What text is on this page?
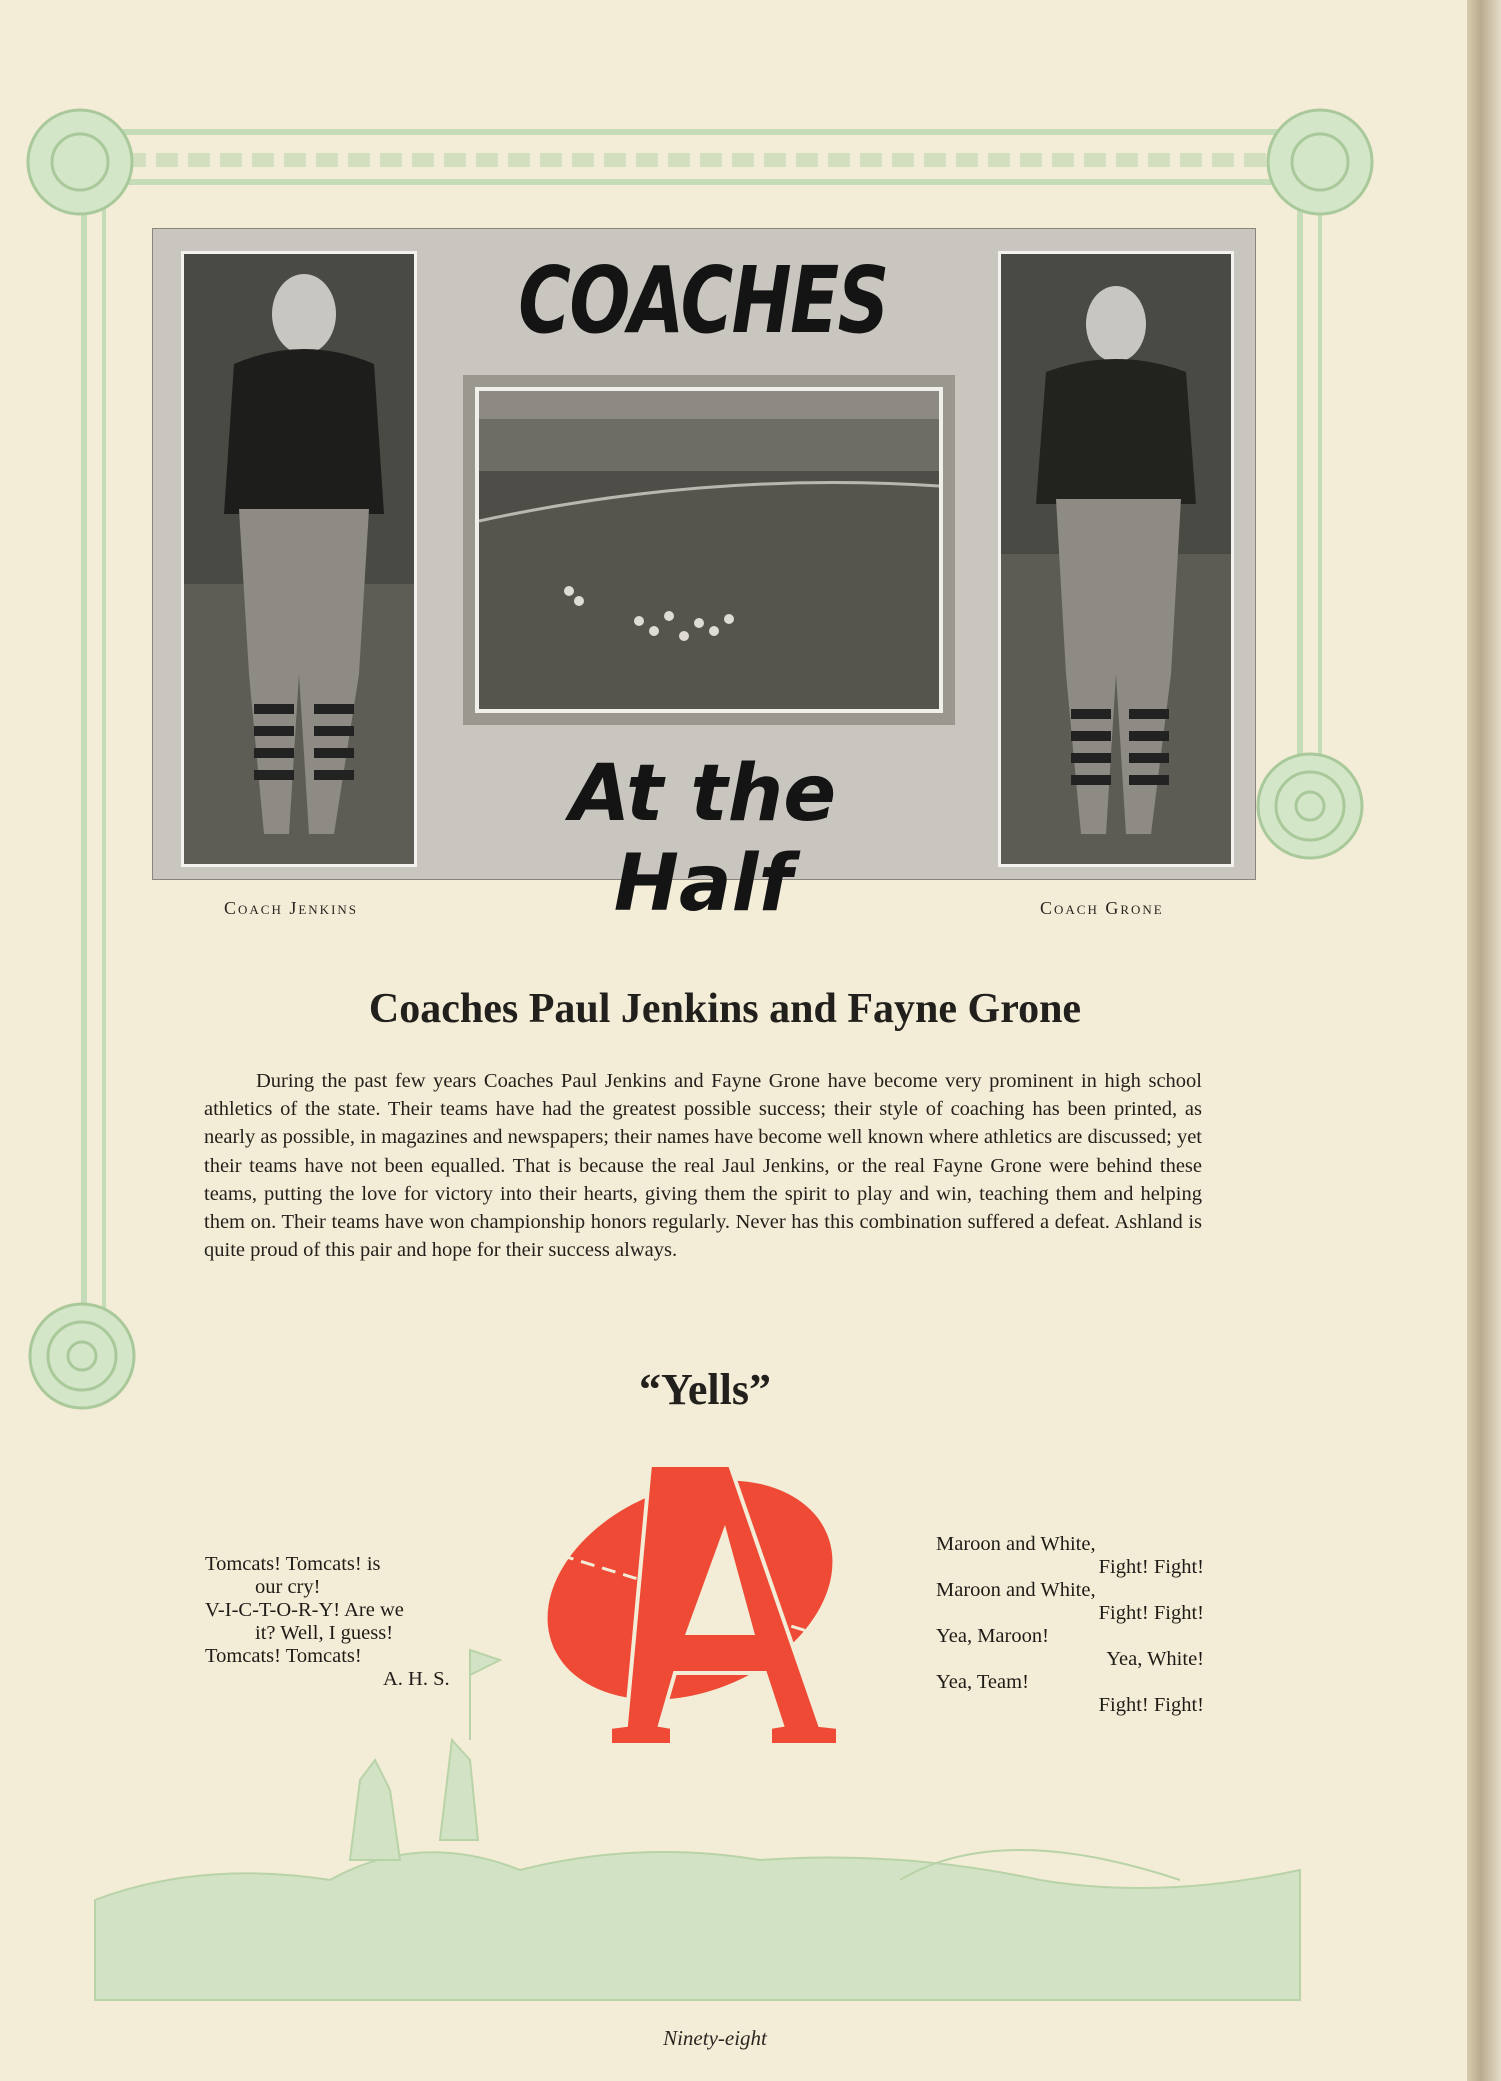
COACHES
At the Half
Coach Jenkins	Coach Grone
Coaches Paul Jenkins and Fayne Grone
During the past few years Coaches Paul Jenkins and Fayne Grone have become very prominent in high school athletics of the state. Their teams have had the greatest possible success; their style of coaching has been printed, as nearly as possible, in magazines and newspapers; their names have become well known where athletics are discussed; yet their teams have not been equalled. That is because the real Jaul Jenkins, or the real Fayne Grone were behind these teams, putting the love for victory into their hearts, giving them the spirit to play and win, teaching them and helping them on. Their teams have won championship honors regularly. Never has this combination suffered a defeat. Ashland is quite proud of this pair and hope for their success always.
“Yells”
Tomcats! Tomcats! is
our cry!
V-I-C-T-O-R-Y! Are we
it? Well, I guess!
Tomcats! Tomcats!
A. H. S.
Maroon and White,
Fight! Fight!
Maroon and White,
Fight! Fight!
Yea, Maroon!
Yea, White!
Yea, Team!
Fight! Fight!
Ninety-eight
